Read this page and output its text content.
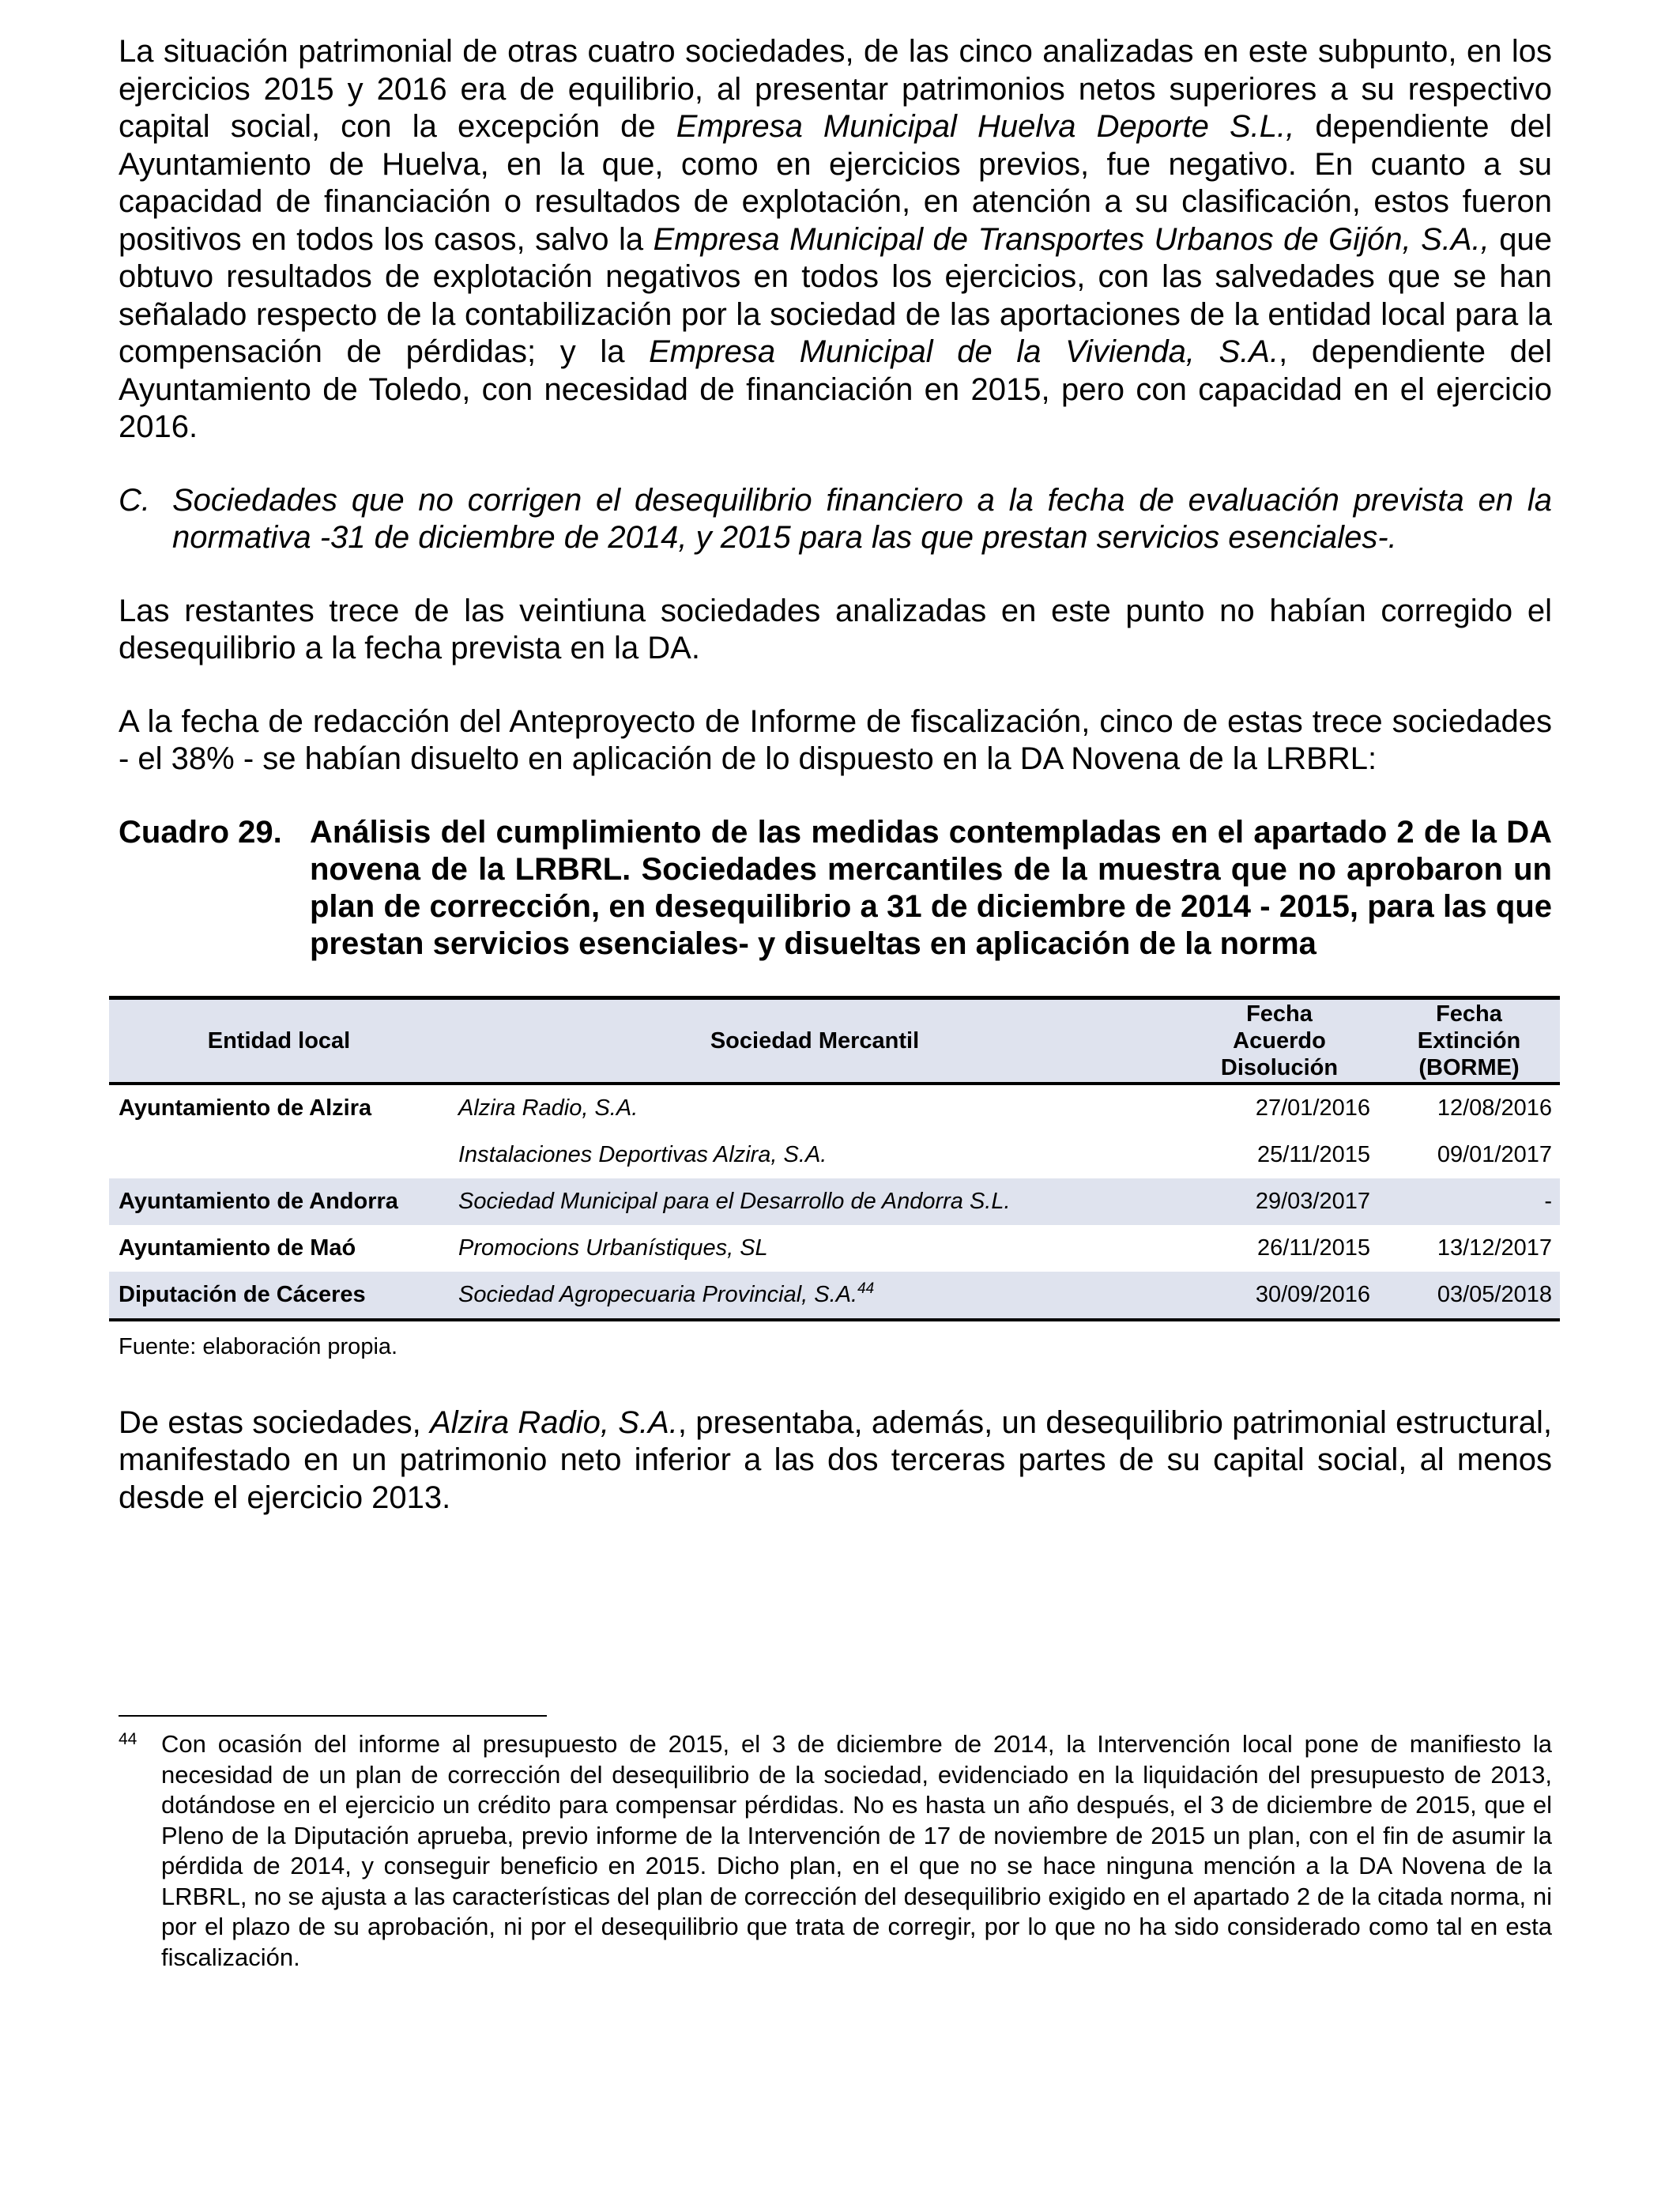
La situación patrimonial de otras cuatro sociedades, de las cinco analizadas en este subpunto, en los ejercicios 2015 y 2016 era de equilibrio, al presentar patrimonios netos superiores a su respectivo capital social, con la excepción de Empresa Municipal Huelva Deporte S.L., dependiente del Ayuntamiento de Huelva, en la que, como en ejercicios previos, fue negativo. En cuanto a su capacidad de financiación o resultados de explotación, en atención a su clasificación, estos fueron positivos en todos los casos, salvo la Empresa Municipal de Transportes Urbanos de Gijón, S.A., que obtuvo resultados de explotación negativos en todos los ejercicios, con las salvedades que se han señalado respecto de la contabilización por la sociedad de las aportaciones de la entidad local para la compensación de pérdidas; y la Empresa Municipal de la Vivienda, S.A., dependiente del Ayuntamiento de Toledo, con necesidad de financiación en 2015, pero con capacidad en el ejercicio 2016.

C. Sociedades que no corrigen el desequilibrio financiero a la fecha de evaluación prevista en la normativa -31 de diciembre de 2014, y 2015 para las que prestan servicios esenciales-.

Las restantes trece de las veintiuna sociedades analizadas en este punto no habían corregido el desequilibrio a la fecha prevista en la DA.

A la fecha de redacción del Anteproyecto de Informe de fiscalización, cinco de estas trece sociedades - el 38% - se habían disuelto en aplicación de lo dispuesto en la DA Novena de la LRBRL:

Cuadro 29. Análisis del cumplimiento de las medidas contempladas en el apartado 2 de la DA novena de la LRBRL. Sociedades mercantiles de la muestra que no aprobaron un plan de corrección, en desequilibrio a 31 de diciembre de 2014 - 2015, para las que prestan servicios esenciales- y disueltas en aplicación de la norma
Entidad local	Sociedad Mercantil	Fecha Acuerdo Disolución	Fecha Extinción (BORME)

Ayuntamiento de Alzira	Alzira Radio, S.A.	27/01/2016	12/08/2016
	Instalaciones Deportivas Alzira, S.A.	25/11/2015	09/01/2017
Ayuntamiento de Andorra	Sociedad Municipal para el Desarrollo de Andorra S.L.	29/03/2017	-
Ayuntamiento de Maó	Promocions Urbanístiques, SL	26/11/2015	13/12/2017
Diputación de Cáceres	Sociedad Agropecuaria Provincial, S.A.$^{44}$	30/09/2016	03/05/2018
Fuente: elaboración propia.

De estas sociedades, Alzira Radio, S.A., presentaba, además, un desequilibrio patrimonial estructural, manifestado en un patrimonio neto inferior a las dos terceras partes de su capital social, al menos desde el ejercicio 2013.

44 Con ocasión del informe al presupuesto de 2015, el 3 de diciembre de 2014, la Intervención local pone de manifiesto la necesidad de un plan de corrección del desequilibrio de la sociedad, evidenciado en la liquidación del presupuesto de 2013, dotándose en el ejercicio un crédito para compensar pérdidas. No es hasta un año después, el 3 de diciembre de 2015, que el Pleno de la Diputación aprueba, previo informe de la Intervención de 17 de noviembre de 2015 un plan, con el fin de asumir la pérdida de 2014, y conseguir beneficio en 2015. Dicho plan, en el que no se hace ninguna mención a la DA Novena de la LRBRL, no se ajusta a las características del plan de corrección del desequilibrio exigido en el apartado 2 de la citada norma, ni por el plazo de su aprobación, ni por el desequilibrio que trata de corregir, por lo que no ha sido considerado como tal en esta fiscalización.
